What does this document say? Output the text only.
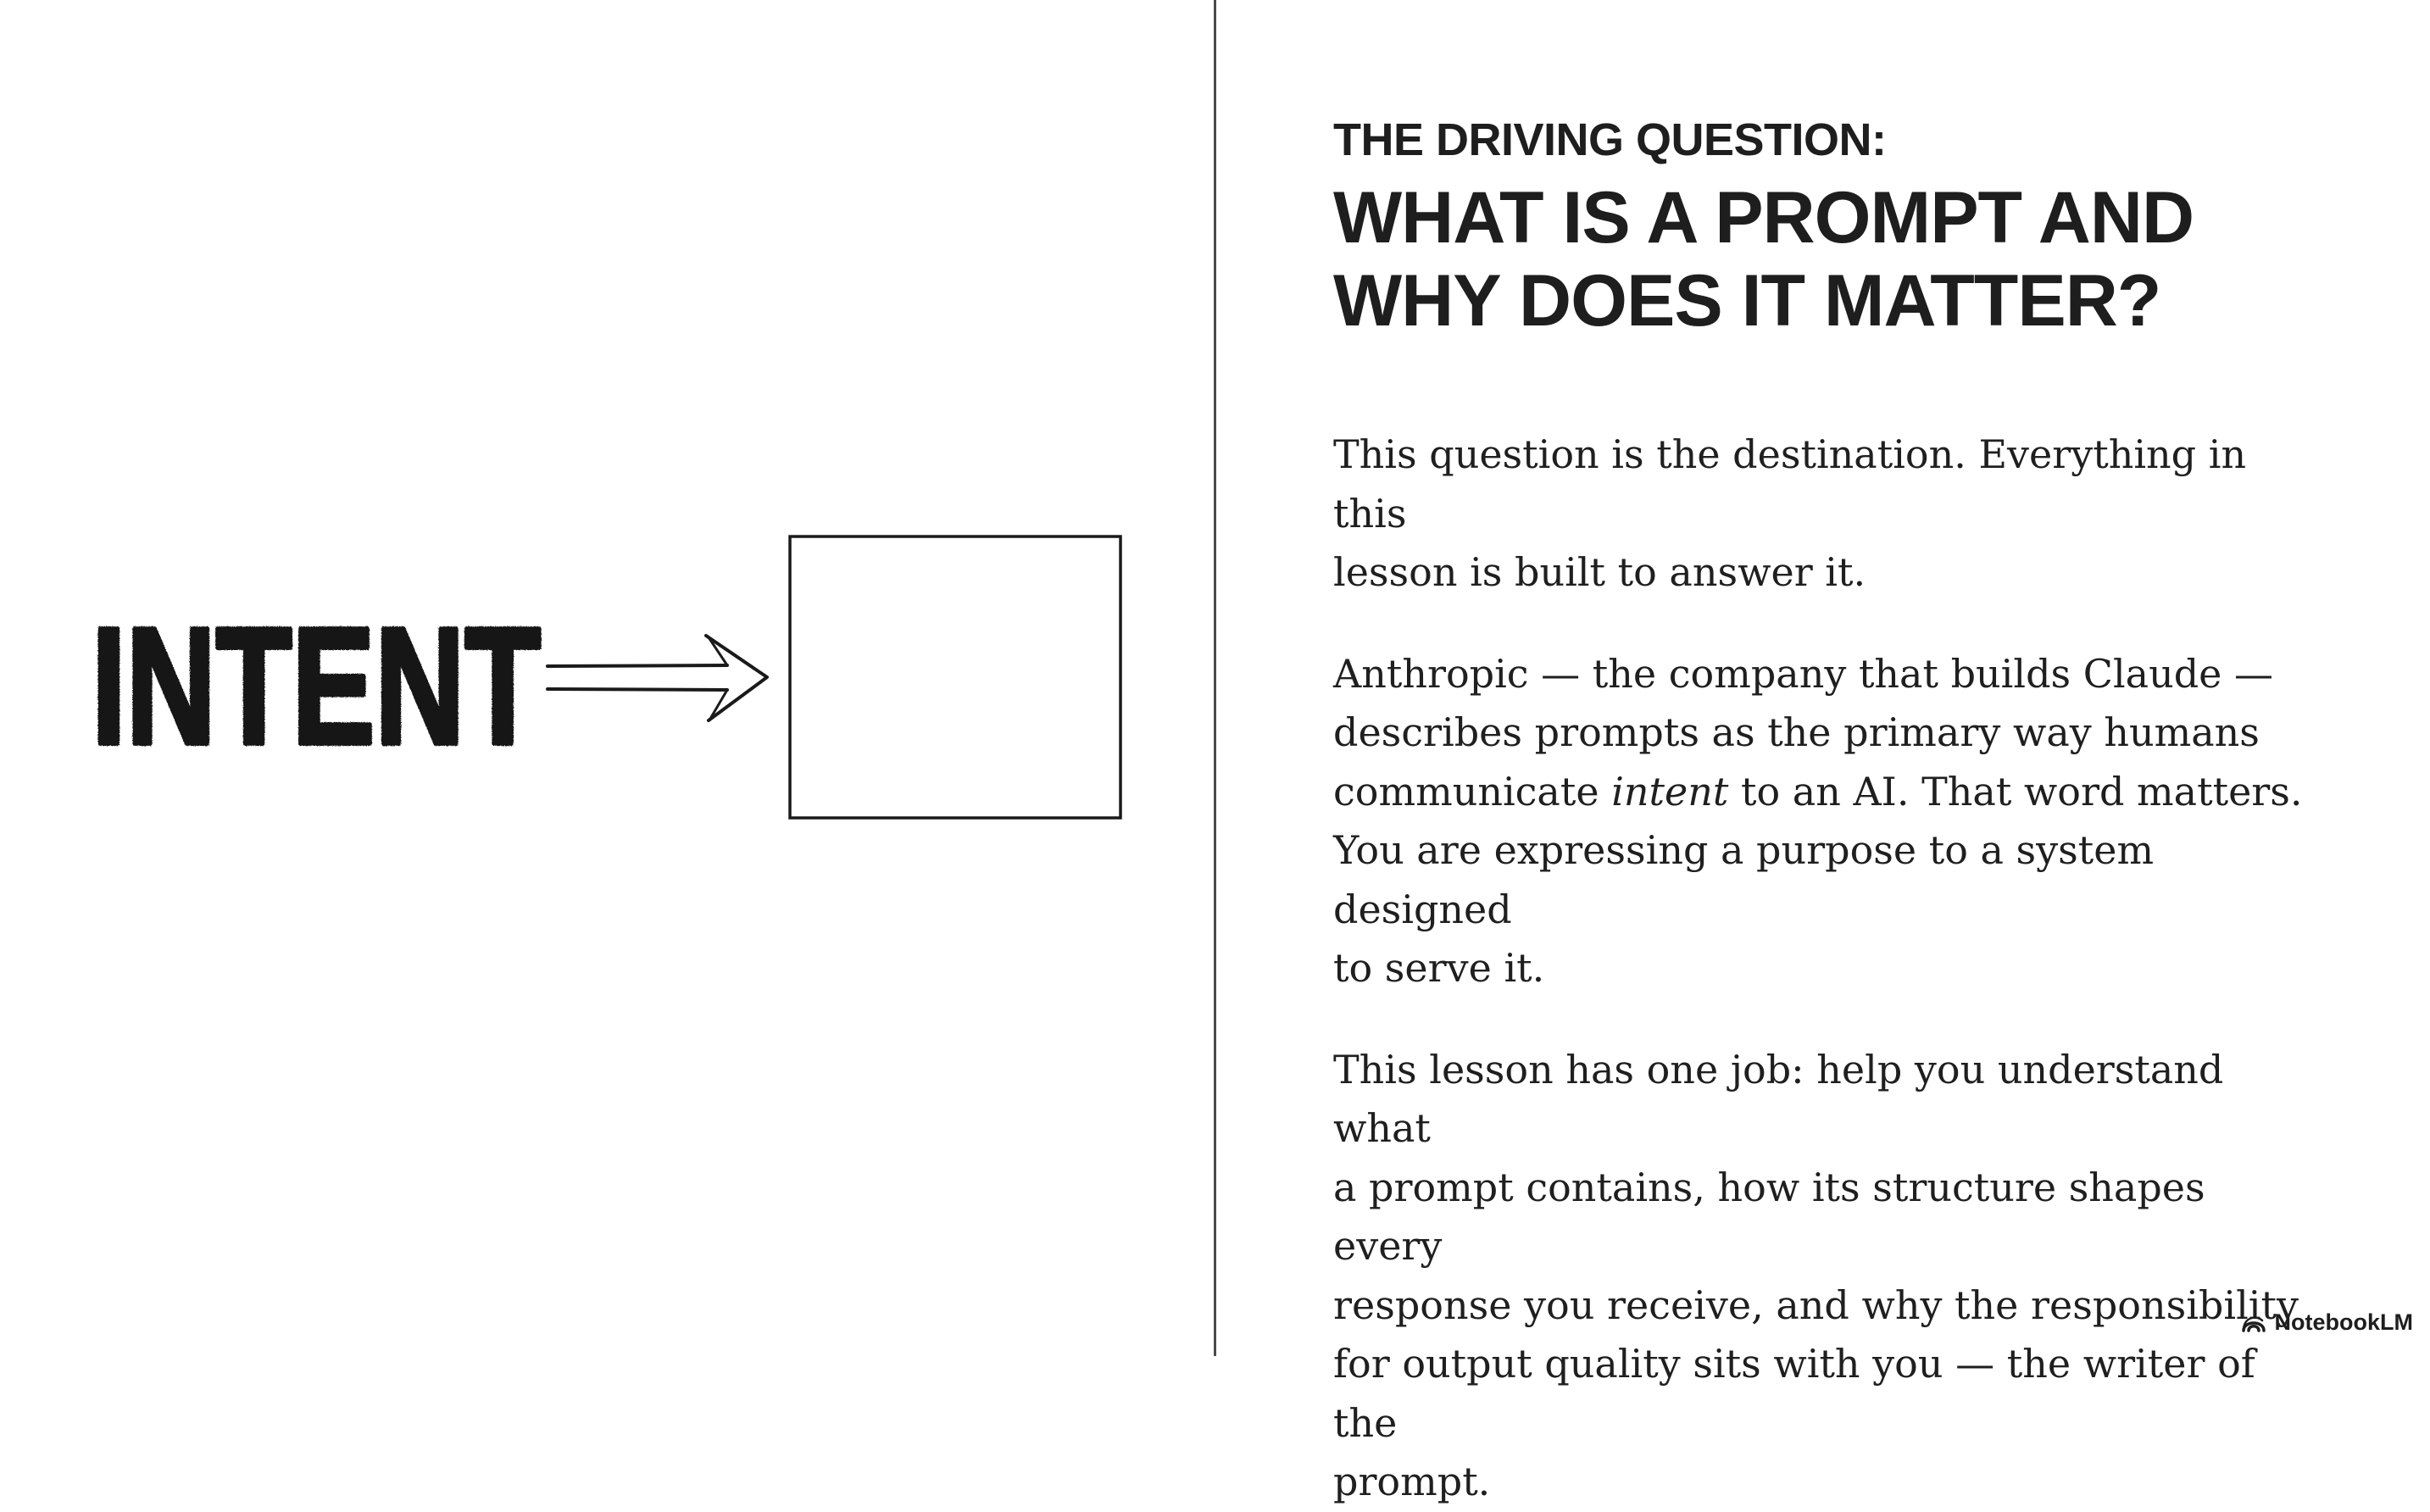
INTENT

THE DRIVING QUESTION:

WHAT IS A PROMPT AND
WHY DOES IT MATTER?

This question is the destination. Everything in this
lesson is built to answer it.

Anthropic — the company that builds Claude —
describes prompts as the primary way humans
communicate intent to an AI. That word matters.
You are expressing a purpose to a system designed
to serve it.

This lesson has one job: help you understand what
a prompt contains, how its structure shapes every
response you receive, and why the responsibility
for output quality sits with you — the writer of the
prompt.

NotebookLM
